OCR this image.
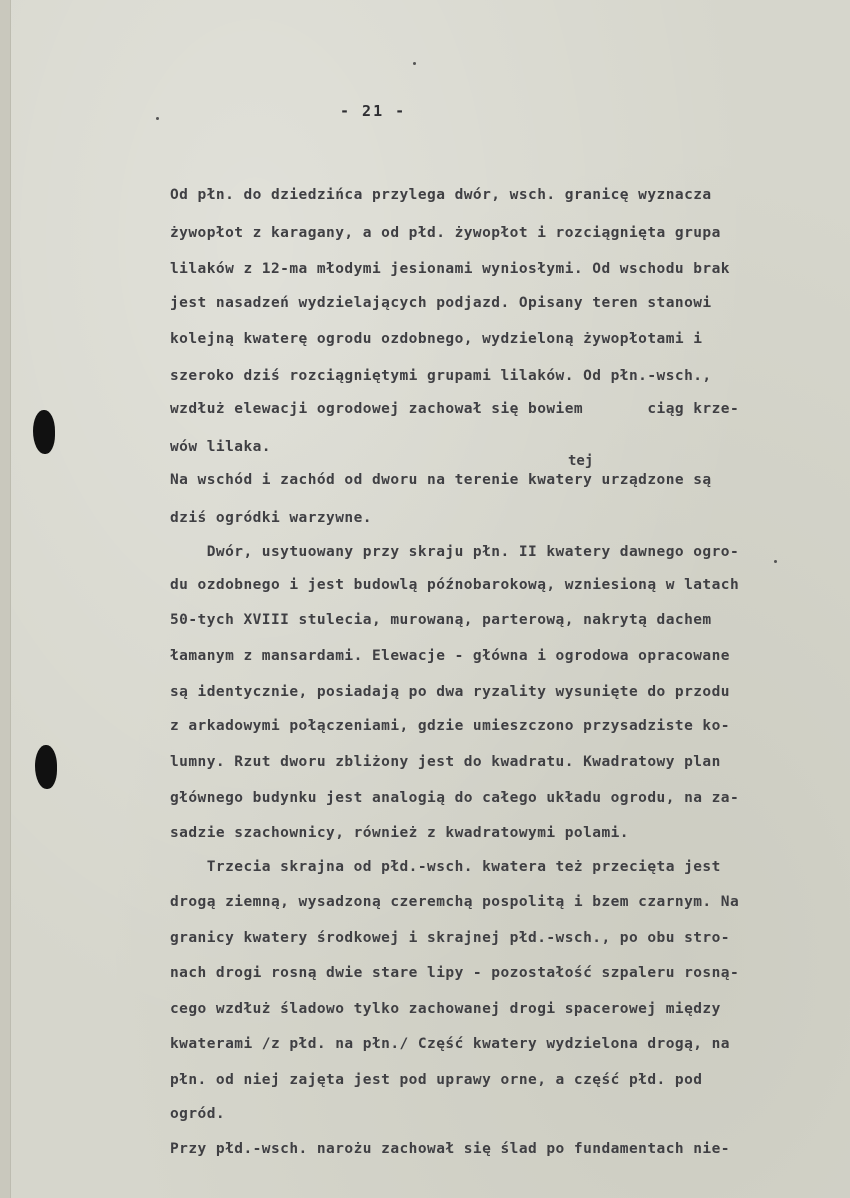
- 21 -
tej
Od płn. do dziedzińca przylega dwór, wsch. granicę wyznacza
żywopłot z karagany, a od płd. żywopłot i rozciągnięta grupa
lilaków z 12-ma młodymi jesionami wyniosłymi. Od wschodu brak
jest nasadzeń wydzielających podjazd. Opisany teren stanowi
kolejną kwaterę ogrodu ozdobnego, wydzieloną żywopłotami i
szeroko dziś rozciągniętymi grupami lilaków. Od płn.-wsch.,
wzdłuż elewacji ogrodowej zachował się bowiem       ciąg krze-
wów lilaka.
Na wschód i zachód od dworu na terenie kwatery urządzone są
dziś ogródki warzywne.
Dwór, usytuowany przy skraju płn. II kwatery dawnego ogro-
du ozdobnego i jest budowlą późnobarokową, wzniesioną w latach
50-tych XVIII stulecia, murowaną, parterową, nakrytą dachem
łamanym z mansardami. Elewacje - główna i ogrodowa opracowane
są identycznie, posiadają po dwa ryzality wysunięte do przodu
z arkadowymi połączeniami, gdzie umieszczono przysadziste ko-
lumny. Rzut dworu zbliżony jest do kwadratu. Kwadratowy plan
głównego budynku jest analogią do całego układu ogrodu, na za-
sadzie szachownicy, również z kwadratowymi polami.
Trzecia skrajna od płd.-wsch. kwatera też przecięta jest
drogą ziemną, wysadzoną czeremchą pospolitą i bzem czarnym. Na
granicy kwatery środkowej i skrajnej płd.-wsch., po obu stro-
nach drogi rosną dwie stare lipy - pozostałość szpaleru rosną-
cego wzdłuż śladowo tylko zachowanej drogi spacerowej między
kwaterami /z płd. na płn./ Część kwatery wydzielona drogą, na
płn. od niej zajęta jest pod uprawy orne, a część płd. pod
ogród.
Przy płd.-wsch. narożu zachował się ślad po fundamentach nie-
